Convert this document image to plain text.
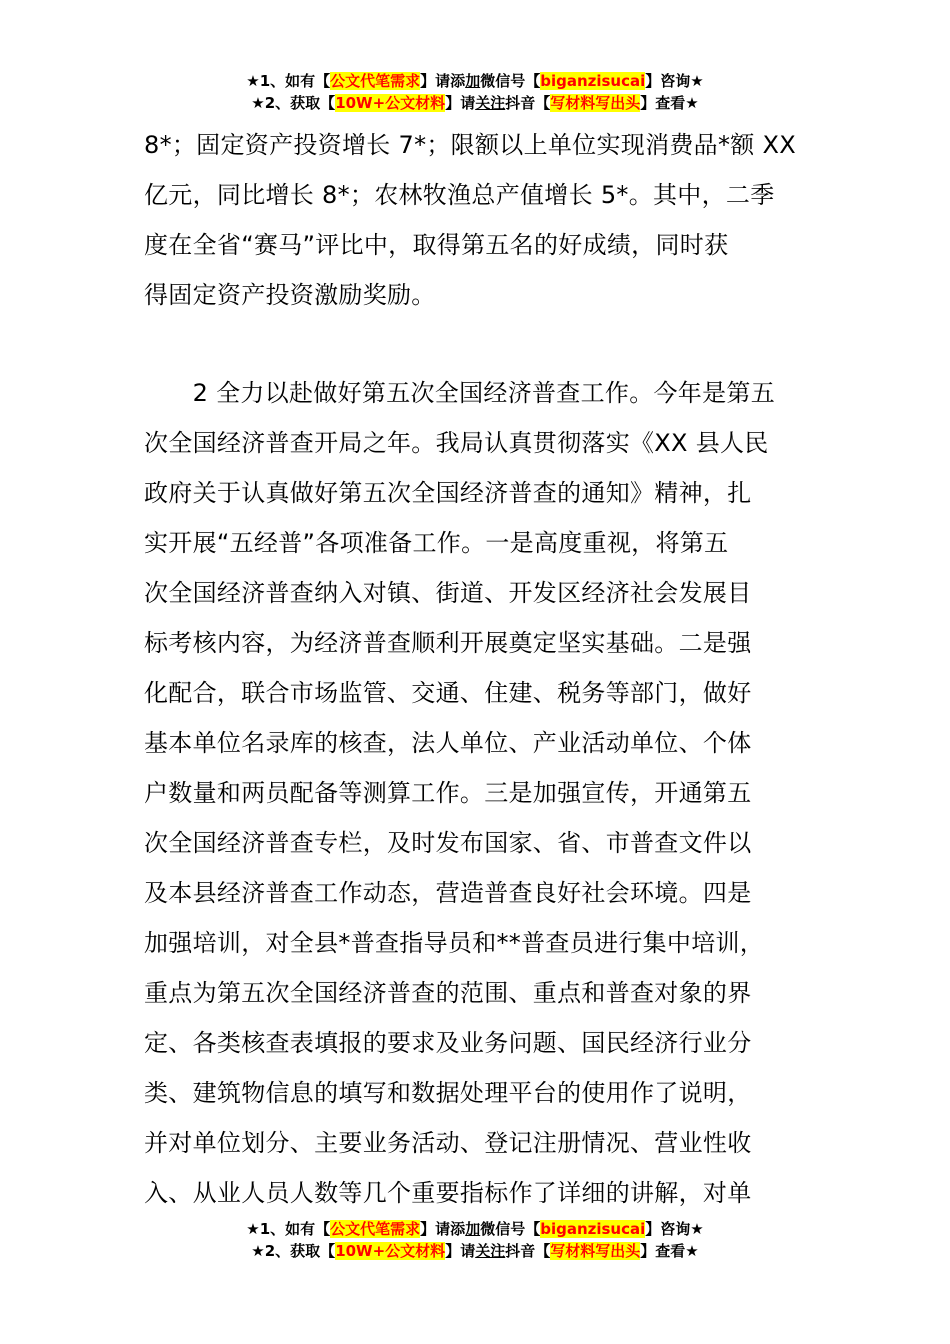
★1、如有【公文代笔需求】请添加微信号【biganzisucai】咨询★
★2、获取【10W+公文材料】请关注抖音【写材料写出头】查看★
8*；固定资产投资增长 7*；限额以上单位实现消费品*额 XX
亿元，同比增长 8*；农林牧渔总产值增长 5*。其中，二季
度在全省“赛马”评比中，取得第五名的好成绩，同时获
得固定资产投资激励奖励。
　　2 全力以赴做好第五次全国经济普查工作。今年是第五
次全国经济普查开局之年。我局认真贯彻落实《XX 县人民
政府关于认真做好第五次全国经济普查的通知》精神，扎
实开展“五经普”各项准备工作。一是高度重视，将第五
次全国经济普查纳入对镇、街道、开发区经济社会发展目
标考核内容，为经济普查顺利开展奠定坚实基础。二是强
化配合，联合市场监管、交通、住建、税务等部门，做好
基本单位名录库的核查，法人单位、产业活动单位、个体
户数量和两员配备等测算工作。三是加强宣传，开通第五
次全国经济普查专栏，及时发布国家、省、市普查文件以
及本县经济普查工作动态，营造普查良好社会环境。四是
加强培训，对全县*普查指导员和**普查员进行集中培训，
重点为第五次全国经济普查的范围、重点和普查对象的界
定、各类核查表填报的要求及业务问题、国民经济行业分
类、建筑物信息的填写和数据处理平台的使用作了说明，
并对单位划分、主要业务活动、登记注册情况、营业性收
入、从业人员人数等几个重要指标作了详细的讲解，对单
★1、如有【公文代笔需求】请添加微信号【biganzisucai】咨询★
★2、获取【10W+公文材料】请关注抖音【写材料写出头】查看★
